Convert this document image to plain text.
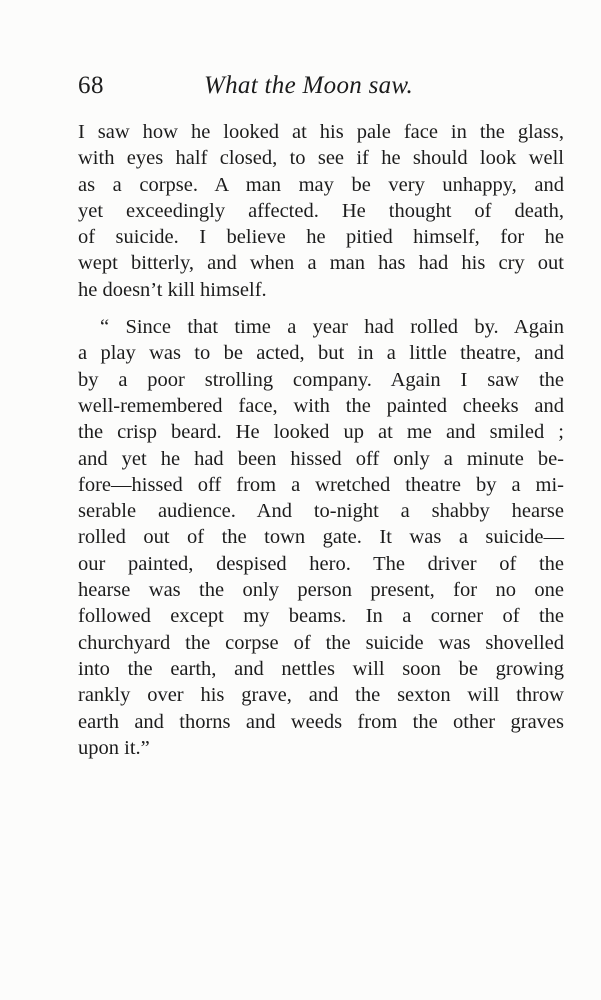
68	What the Moon saw.
I saw how he looked at his pale face in the glass,
with eyes half closed, to see if he should look well
as a corpse. A man may be very unhappy, and
yet exceedingly affected. He thought of death,
of suicide. I believe he pitied himself, for he
wept bitterly, and when a man has had his cry out
he doesn’t kill himself.
“ Since that time a year had rolled by. Again
a play was to be acted, but in a little theatre, and
by a poor strolling company. Again I saw the
well-remembered face, with the painted cheeks and
the crisp beard. He looked up at me and smiled ;
and yet he had been hissed off only a minute be-
fore—hissed off from a wretched theatre by a mi-
serable audience. And to-night a shabby hearse
rolled out of the town gate. It was a suicide—
our painted, despised hero. The driver of the
hearse was the only person present, for no one
followed except my beams. In a corner of the
churchyard the corpse of the suicide was shovelled
into the earth, and nettles will soon be growing
rankly over his grave, and the sexton will throw
earth and thorns and weeds from the other graves
upon it.”
